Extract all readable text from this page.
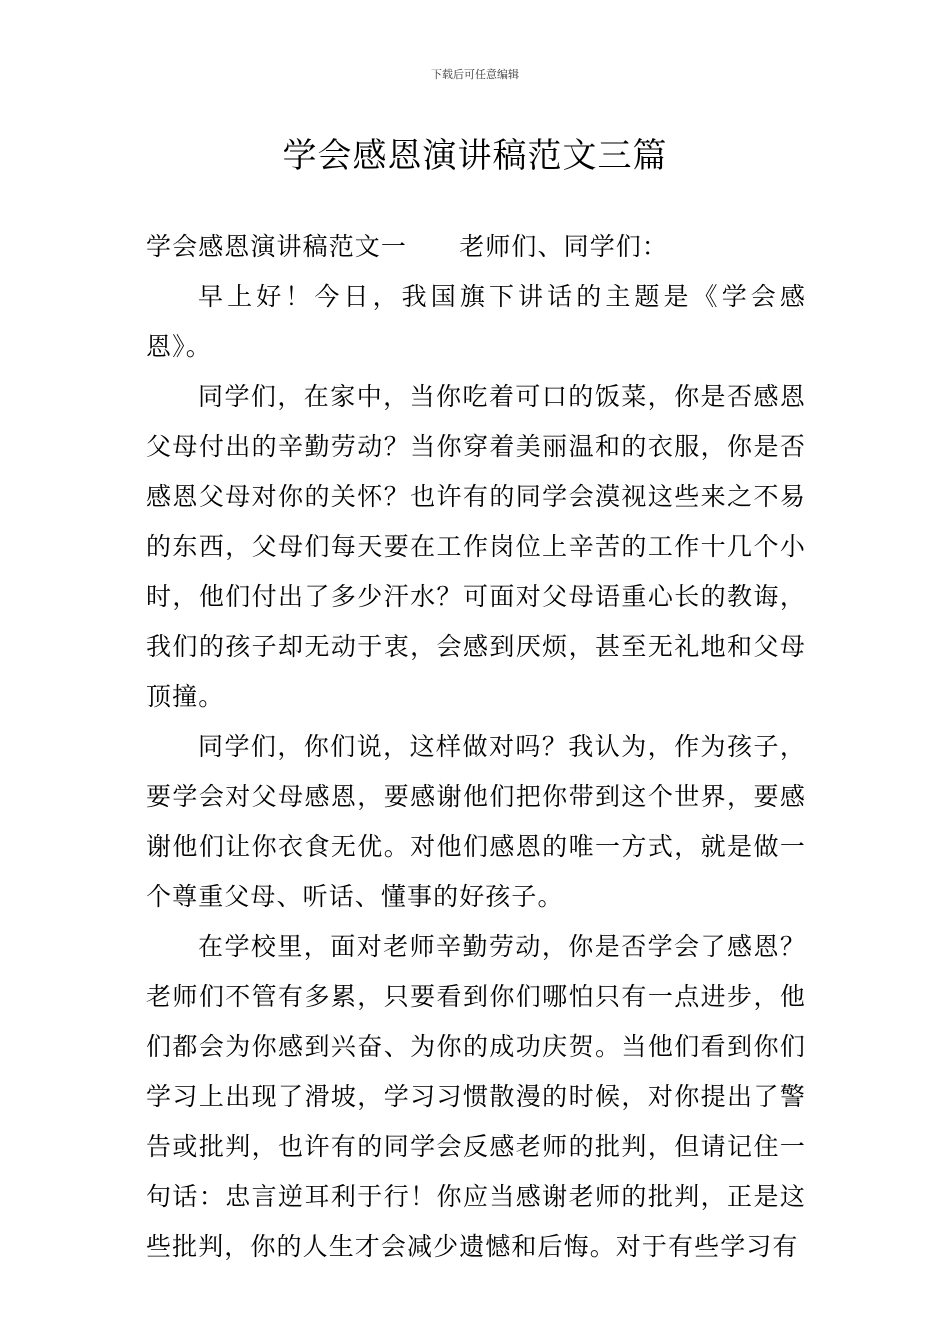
下载后可任意编辑
学会感恩演讲稿范文三篇

学会感恩演讲稿范文一　　老师们、同学们：

早上好！今日，我国旗下讲话的主题是《学会感恩》。

同学们，在家中，当你吃着可口的饭菜，你是否感恩父母付出的辛勤劳动？当你穿着美丽温和的衣服，你是否感恩父母对你的关怀？也许有的同学会漠视这些来之不易的东西，父母们每天要在工作岗位上辛苦的工作十几个小时，他们付出了多少汗水？可面对父母语重心长的教诲，我们的孩子却无动于衷，会感到厌烦，甚至无礼地和父母顶撞。

同学们，你们说，这样做对吗？我认为，作为孩子，要学会对父母感恩，要感谢他们把你带到这个世界，要感谢他们让你衣食无优。对他们感恩的唯一方式，就是做一个尊重父母、听话、懂事的好孩子。

在学校里，面对老师辛勤劳动，你是否学会了感恩？老师们不管有多累，只要看到你们哪怕只有一点进步，他们都会为你感到兴奋、为你的成功庆贺。当他们看到你们学习上出现了滑坡，学习习惯散漫的时候，对你提出了警告或批判，也许有的同学会反感老师的批判，但请记住一句话：忠言逆耳利于行！你应当感谢老师的批判，正是这些批判，你的人生才会减少遗憾和后悔。对于有些学习有
